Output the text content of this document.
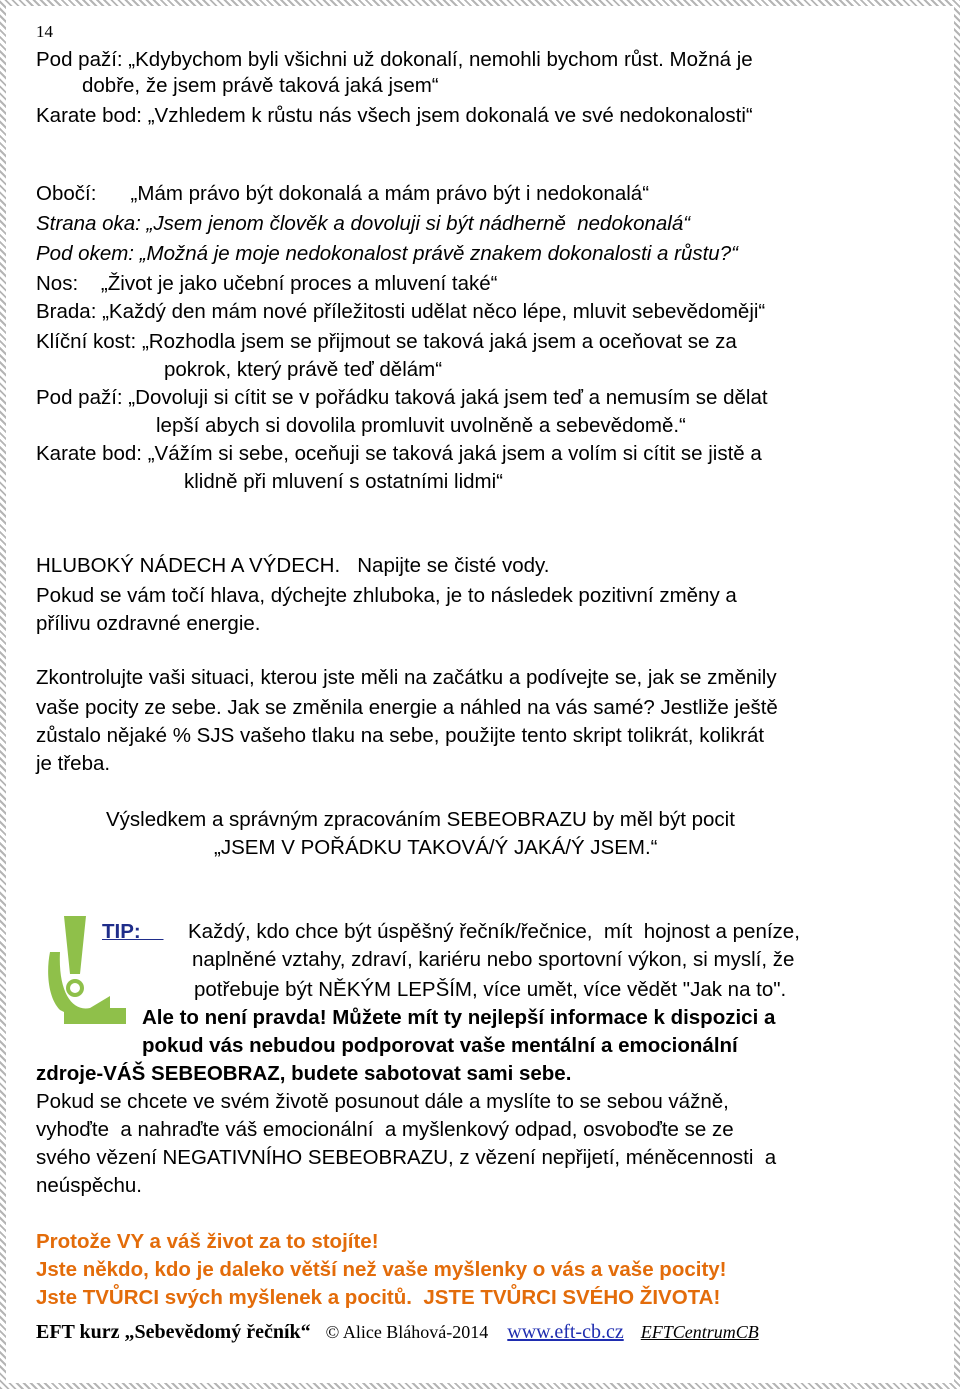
14
Pod paží: „Kdybychom byli všichni už dokonalí, nemohli bychom růst. Možná je
dobře, že jsem právě taková jaká jsem“
Karate bod: „Vzhledem k růstu nás všech jsem dokonalá ve své nedokonalosti“
Obočí:      „Mám právo být dokonalá a mám právo být i nedokonalá“
Strana oka: „Jsem jenom člověk a dovoluji si být nádherně  nedokonalá“
Pod okem: „Možná je moje nedokonalost právě znakem dokonalosti a růstu?“
Nos:    „Život je jako učební proces a mluvení také“
Brada: „Každý den mám nové příležitosti udělat něco lépe, mluvit sebevědoměji“
Klíční kost: „Rozhodla jsem se přijmout se taková jaká jsem a oceňovat se za
pokrok, který právě teď dělám“
Pod paží: „Dovoluji si cítit se v pořádku taková jaká jsem teď a nemusím se dělat
lepší abych si dovolila promluvit uvolněně a sebevědomě.“
Karate bod: „Vážím si sebe, oceňuji se taková jaká jsem a volím si cítit se jistě a
klidně při mluvení s ostatními lidmi“
HLUBOKÝ NÁDECH A VÝDECH.   Napijte se čisté vody.
Pokud se vám točí hlava, dýchejte zhluboka, je to následek pozitivní změny a
přílivu ozdravné energie.
Zkontrolujte vaši situaci, kterou jste měli na začátku a podívejte se, jak se změnily
vaše pocity ze sebe. Jak se změnila energie a náhled na vás samé? Jestliže ještě
zůstalo nějaké % SJS vašeho tlaku na sebe, použijte tento skript tolikrát, kolikrát
je třeba.
Výsledkem a správným zpracováním SEBEOBRAZU by měl být pocit
„JSEM V POŘÁDKU TAKOVÁ/Ý JAKÁ/Ý JSEM.“
TIP: Každý, kdo chce být úspěšný řečník/řečnice,  mít  hojnost a peníze,
naplněné vztahy, zdraví, kariéru nebo sportovní výkon, si myslí, že
potřebuje být NĚKÝM LEPŠÍM, více umět, více vědět "Jak na to".
Ale to není pravda! Můžete mít ty nejlepší informace k dispozici a
pokud vás nebudou podporovat vaše mentální a emocionální
zdroje-VÁŠ SEBEOBRAZ, budete sabotovat sami sebe.
Pokud se chcete ve svém životě posunout dále a myslíte to se sebou vážně,
vyhoďte  a nahraďte váš emocionální  a myšlenkový odpad, osvoboďte se ze
svého vězení NEGATIVNÍHO SEBEOBRAZU, z vězení nepřijetí, méněcennosti  a
neúspěchu.
Protože VY a váš život za to stojíte!
Jste někdo, kdo je daleko větší než vaše myšlenky o vás a vaše pocity!
Jste TVŮRCI svých myšlenek a pocitů.  JSTE TVŮRCI SVÉHO ŽIVOTA!
EFT kurz „Sebevědomý řečník“ © Alice Bláhová-2014 www.eft-cb.cz EFTCentrumCB
